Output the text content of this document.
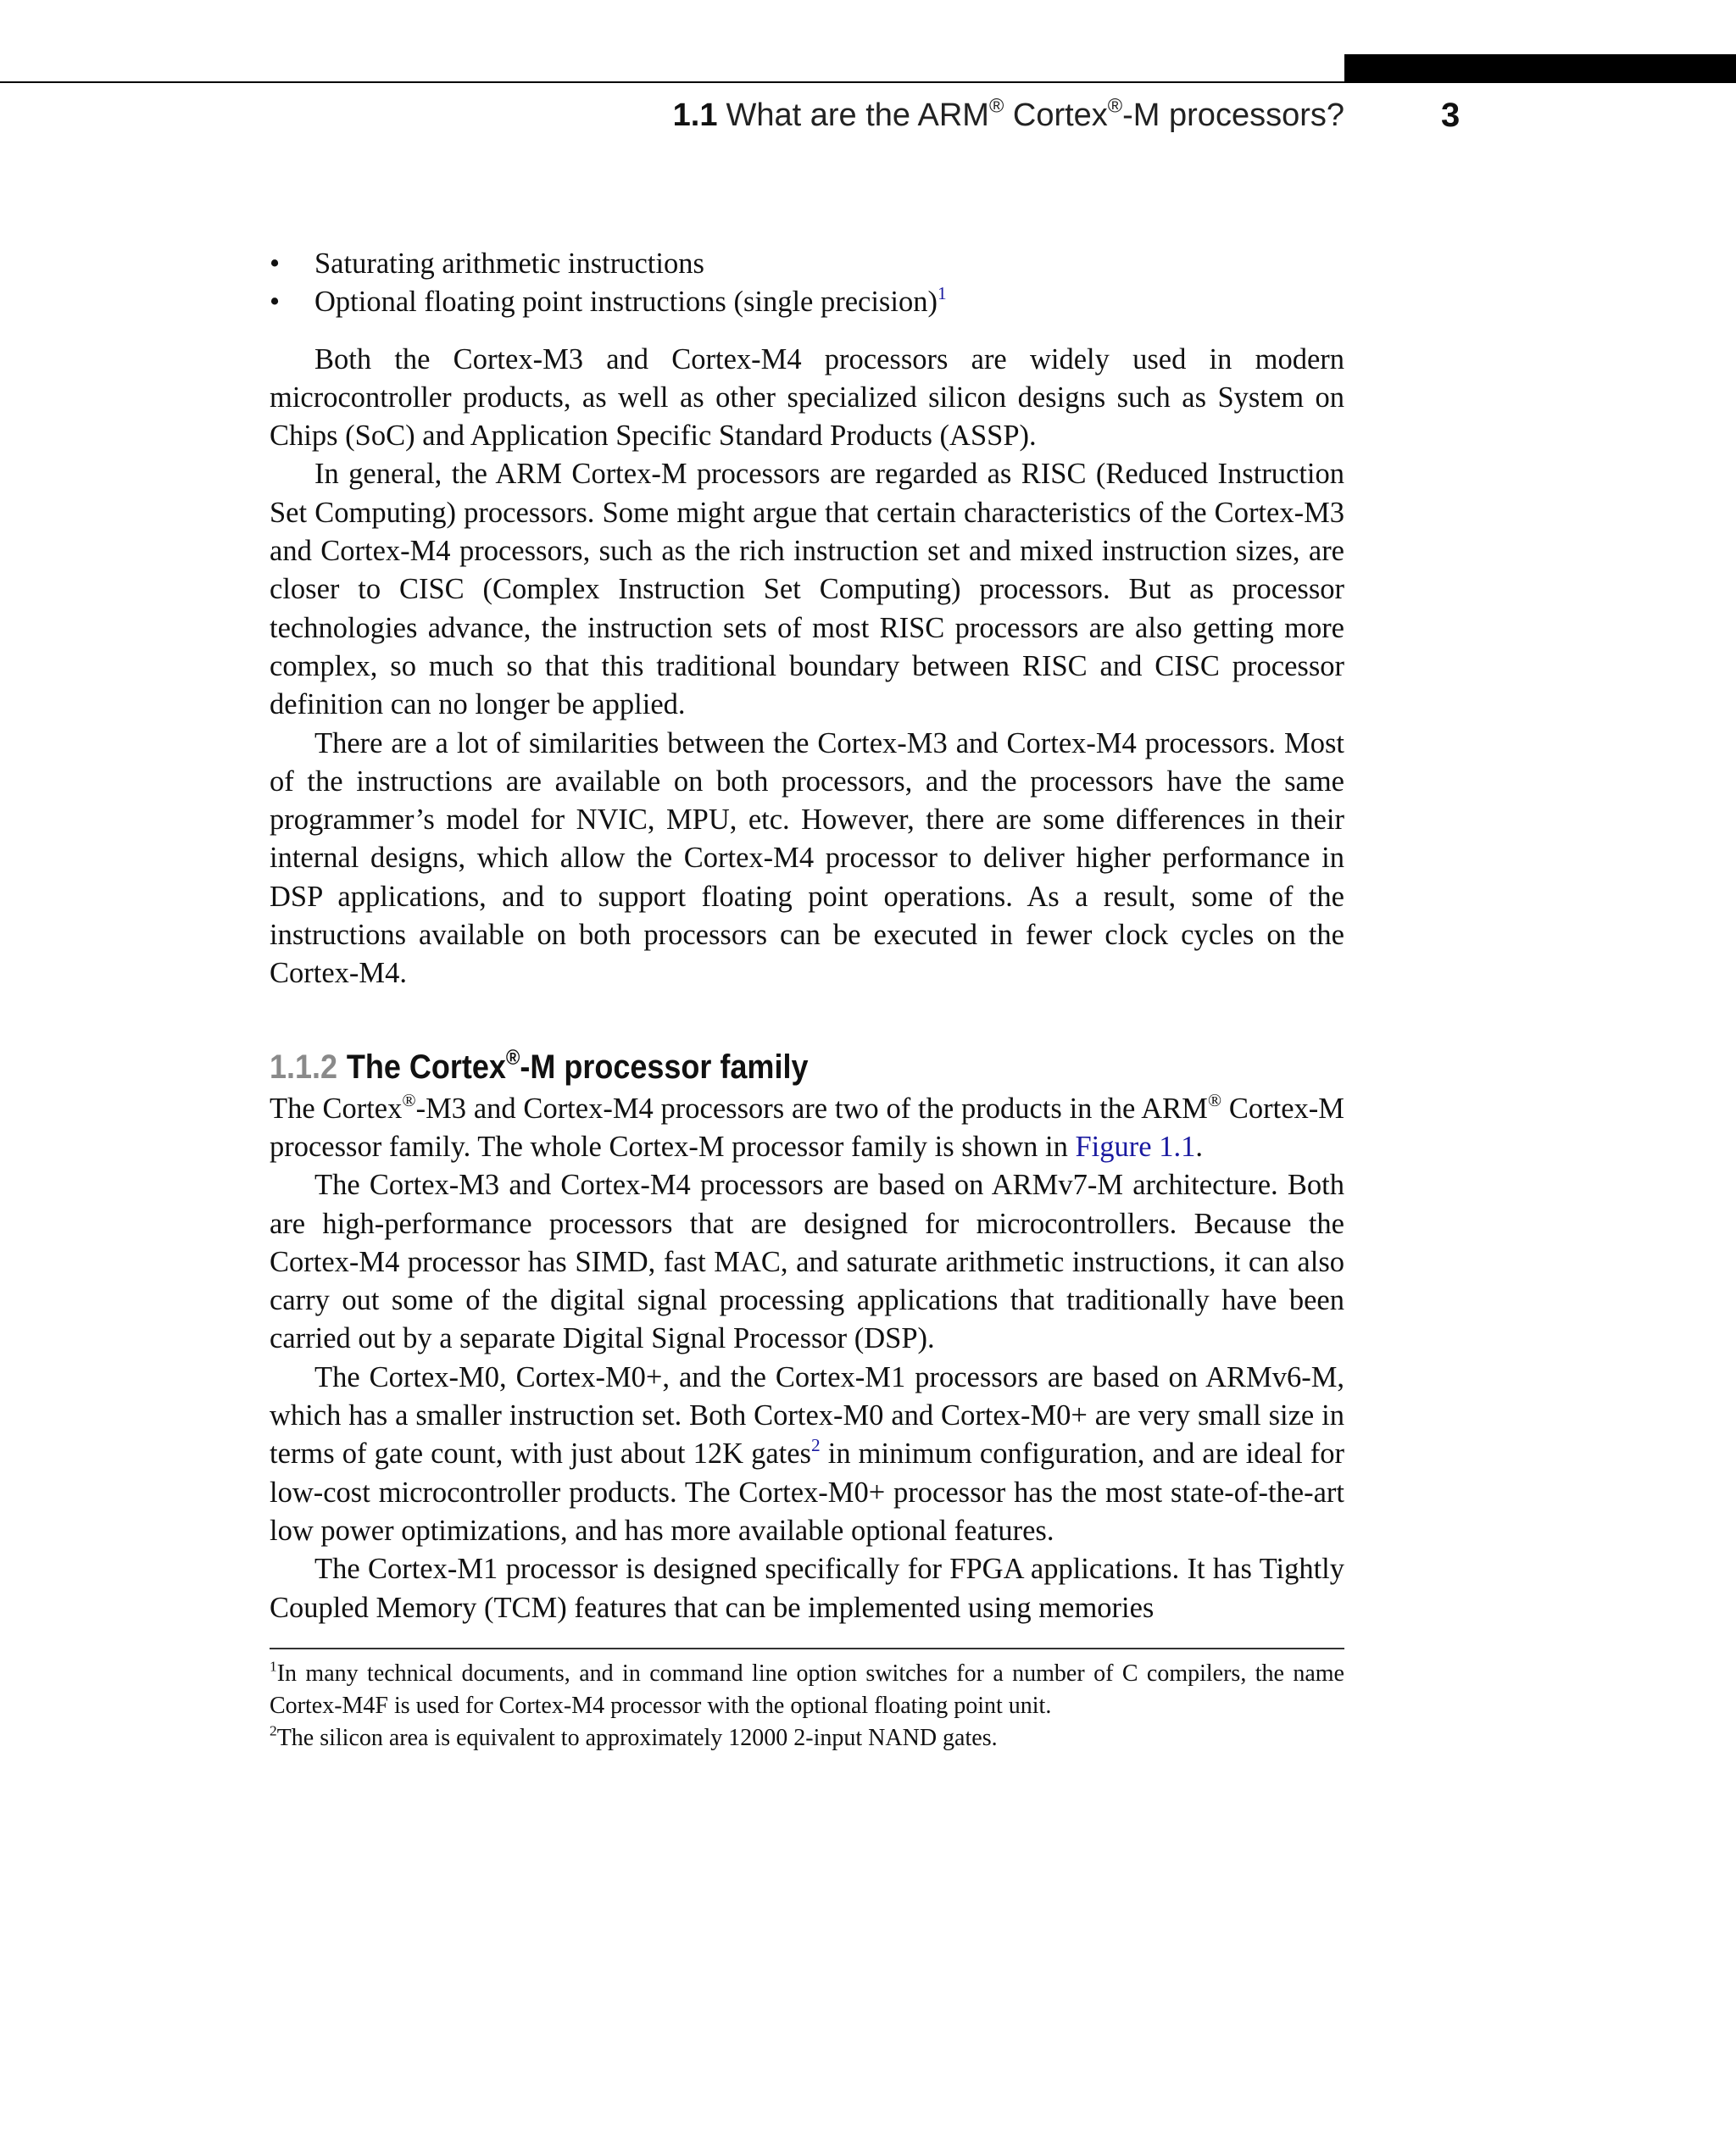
1.1 What are the ARM® Cortex®-M processors?	3
• Saturating arithmetic instructions
• Optional floating point instructions (single precision)$^1$

Both the Cortex-M3 and Cortex-M4 processors are widely used in modern microcontroller products, as well as other specialized silicon designs such as System on Chips (SoC) and Application Specific Standard Products (ASSP).

In general, the ARM Cortex-M processors are regarded as RISC (Reduced Instruction Set Computing) processors. Some might argue that certain characteristics of the Cortex-M3 and Cortex-M4 processors, such as the rich instruction set and mixed instruction sizes, are closer to CISC (Complex Instruction Set Computing) processors. But as processor technologies advance, the instruction sets of most RISC processors are also getting more complex, so much so that this traditional boundary between RISC and CISC processor definition can no longer be applied.

There are a lot of similarities between the Cortex-M3 and Cortex-M4 processors. Most of the instructions are available on both processors, and the processors have the same programmer’s model for NVIC, MPU, etc. However, there are some differences in their internal designs, which allow the Cortex-M4 processor to deliver higher performance in DSP applications, and to support floating point operations. As a result, some of the instructions available on both processors can be executed in fewer clock cycles on the Cortex-M4.

1.1.2 The Cortex®-M processor family

The Cortex®-M3 and Cortex-M4 processors are two of the products in the ARM® Cortex-M processor family. The whole Cortex-M processor family is shown in Figure 1.1.

The Cortex-M3 and Cortex-M4 processors are based on ARMv7-M architecture. Both are high-performance processors that are designed for microcontrollers. Because the Cortex-M4 processor has SIMD, fast MAC, and saturate arithmetic instructions, it can also carry out some of the digital signal processing applications that traditionally have been carried out by a separate Digital Signal Processor (DSP).

The Cortex-M0, Cortex-M0+, and the Cortex-M1 processors are based on ARMv6-M, which has a smaller instruction set. Both Cortex-M0 and Cortex-M0+ are very small size in terms of gate count, with just about 12K gates$^2$ in minimum configuration, and are ideal for low-cost microcontroller products. The Cortex-M0+ processor has the most state-of-the-art low power optimizations, and has more available optional features.

The Cortex-M1 processor is designed specifically for FPGA applications. It has Tightly Coupled Memory (TCM) features that can be implemented using memories

$^1$In many technical documents, and in command line option switches for a number of C compilers, the name Cortex-M4F is used for Cortex-M4 processor with the optional floating point unit.

$^2$The silicon area is equivalent to approximately 12000 2-input NAND gates.
